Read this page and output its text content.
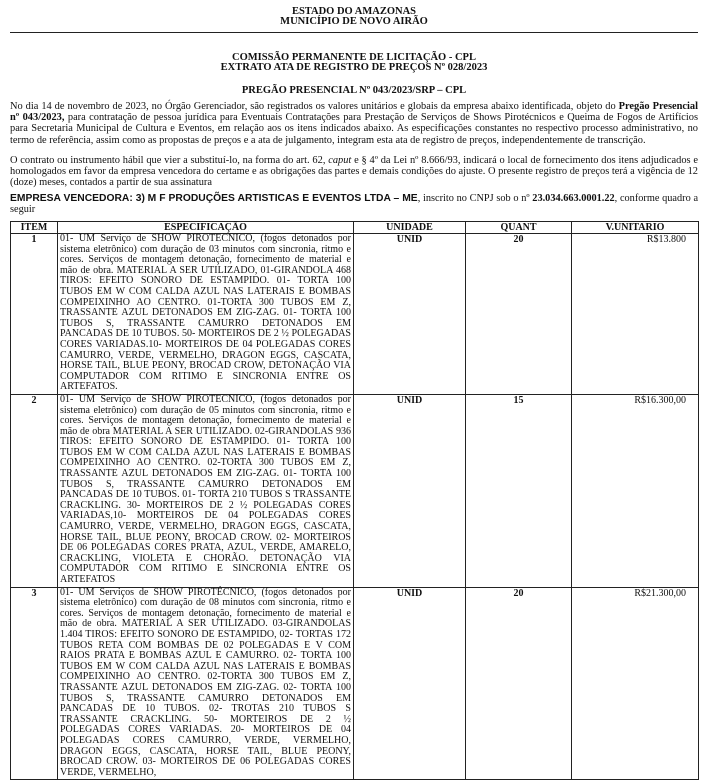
ESTADO DO AMAZONAS
MUNICÍPIO DE NOVO AIRÃO
COMISSÃO PERMANENTE DE LICITAÇÃO - CPL
EXTRATO ATA DE REGISTRO DE PREÇOS Nº 028/2023
PREGÃO PRESENCIAL Nº 043/2023/SRP – CPL
No dia 14 de novembro de 2023, no Órgão Gerenciador, são registrados os valores unitários e globais da empresa abaixo identificada, objeto do Pregão Presencial nº 043/2023, para contratação de pessoa jurídica para Eventuais Contratações para Prestação de Serviços de Shows Pirotécnicos e Queima de Fogos de Artifícios para Secretaria Municipal de Cultura e Eventos, em relação aos os itens indicados abaixo. As especificações constantes no respectivo processo administrativo, no termo de referência, assim como as propostas de preços e a ata de julgamento, integram esta ata de registro de preços, independentemente de transcrição.
O contrato ou instrumento hábil que vier a substituí-lo, na forma do art. 62, caput e § 4º da Lei nº 8.666/93, indicará o local de fornecimento dos itens adjudicados e homologados em favor da empresa vencedora do certame e as obrigações das partes e demais condições do ajuste. O presente registro de preços terá a vigência de 12 (doze) meses, contados a partir de sua assinatura
EMPRESA VENCEDORA: 3) M F PRODUÇÕES ARTISTICAS E EVENTOS LTDA – ME, inscrito no CNPJ sob o nº 23.034.663.0001.22, conforme quadro a seguir
ITEM	ESPECIFICAÇÃO	UNIDADE	QUANT	V.UNITARIO
1	01- UM Serviço de SHOW PIROTECNICO, (fogos detonados por sistema eletrônico) com duração de 03 minutos com sincronia, ritmo e cores. Serviços de montagem detonação, fornecimento de material e mão de obra. MATERIAL A SER UTILIZADO, 01-GIRANDOLA 468 TIROS: EFEITO SONORO DE ESTAMPIDO. 01- TORTA 100 TUBOS EM W COM CALDA AZUL NAS LATERAIS E BOMBAS COMPEIXINHO AO CENTRO. 01-TORTA 300 TUBOS EM Z, TRASSANTE AZUL DETONADOS EM ZIG-ZAG. 01- TORTA 100 TUBOS S, TRASSANTE CAMURRO DETONADOS EM PANCADAS DE 10 TUBOS. 50- MORTEIROS DE 2 ½ POLEGADAS CORES VARIADAS.10- MORTEIROS DE 04 POLEGADAS CORES CAMURRO, VERDE, VERMELHO, DRAGON EGGS, CASCATA, HORSE TAIL, BLUE PEONY, BROCAD CROW, DETONAÇÃO VIA COMPUTADOR COM RITIMO E SINCRONIA ENTRE OS ARTEFATOS.	UNID	20	R$13.800
2	01- UM Serviço de SHOW PIROTECNICO, (fogos detonados por sistema eletrônico) com duração de 05 minutos com sincronia, ritmo e cores. Serviços de montagem detonação, fornecimento de material e mão de obra MATERIAL A SER UTILIZADO. 02-GIRANDOLAS 936 TIROS: EFEITO SONORO DE ESTAMPIDO. 01- TORTA 100 TUBOS EM W COM CALDA AZUL NAS LATERAIS E BOMBAS COMPEIXINHO AO CENTRO. 02-TORTA 300 TUBOS EM Z, TRASSANTE AZUL DETONADOS EM ZIG-ZAG. 01- TORTA 100 TUBOS S, TRASSANTE CAMURRO DETONADOS EM PANCADAS DE 10 TUBOS. 01- TORTA 210 TUBOS S TRASSANTE CRACKLING. 30- MORTEIROS DE 2 ½ POLEGADAS CORES VARIADAS,10- MORTEIROS DE 04 POLEGADAS CORES CAMURRO, VERDE, VERMELHO, DRAGON EGGS, CASCATA, HORSE TAIL, BLUE PEONY, BROCAD CROW. 02- MORTEIROS DE 06 POLEGADAS CORES PRATA, AZUL, VERDE, AMARELO, CRACKLING, VIOLETA E CHORÃO. DETONAÇÃO VIA COMPUTADOR COM RITIMO E SINCRONIA ENTRE OS ARTEFATOS	UNID	15	R$16.300,00
3	01- UM Serviços de SHOW PIROTÉCNICO, (fogos detonados por sistema eletrônico) com duração de 08 minutos com sincronia, ritmo e cores. Serviços de montagem detonação, fornecimento de material e mão de obra. MATERIAL A SER UTILIZADO. 03-GIRANDOLAS 1.404 TIROS: EFEITO SONORO DE ESTAMPIDO, 02- TORTAS 172 TUBOS RETA COM BOMBAS DE 02 POLEGADAS E V COM RAIOS PRATA E BOMBAS AZUL E CAMURRO. 02- TORTA 100 TUBOS EM W COM CALDA AZUL NAS LATERAIS E BOMBAS COMPEIXINHO AO CENTRO. 02-TORTA 300 TUBOS EM Z, TRASSANTE AZUL DETONADOS EM ZIG-ZAG. 02- TORTA 100 TUBOS S, TRASSANTE CAMURRO DETONADOS EM PANCADAS DE 10 TUBOS. 02- TROTAS 210 TUBOS S TRASSANTE CRACKLING. 50- MORTEIROS DE 2 ½ POLEGADAS CORES VARIADAS. 20- MORTEIROS DE 04 POLEGADAS CORES CAMURRO, VERDE, VERMELHO, DRAGON EGGS, CASCATA, HORSE TAIL, BLUE PEONY, BROCAD CROW. 03- MORTEIROS DE 06 POLEGADAS CORES VERDE, VERMELHO,	UNID	20	R$21.300,00
